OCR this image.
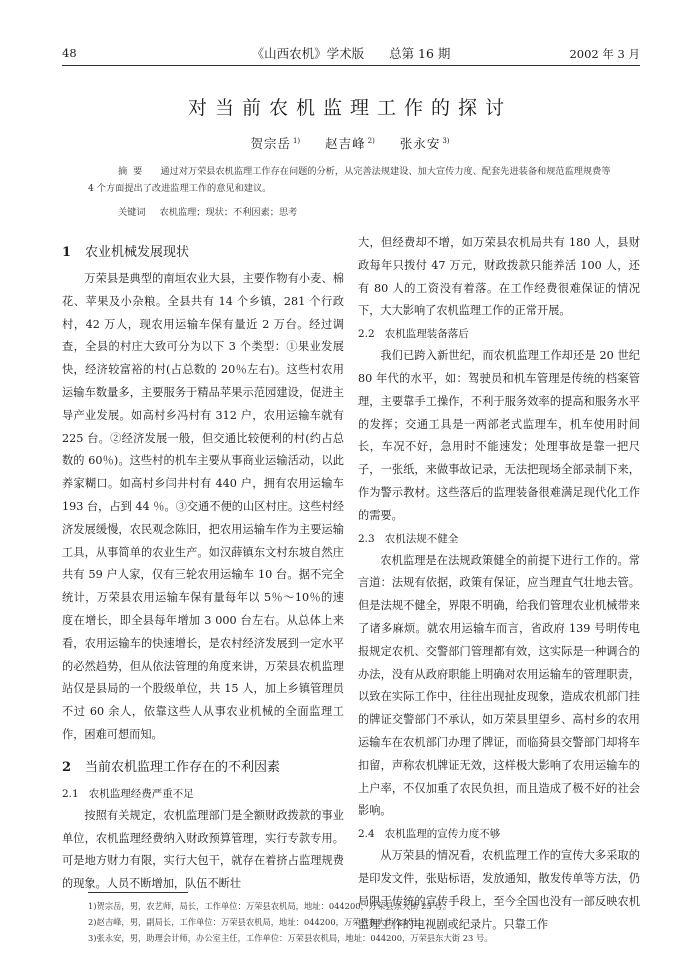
48	《山西农机》学术版　　总第 16 期	2002 年 3 月
对当前农机监理工作的探讨
贺宗岳 $^{1)}$ 赵吉峰 $^{2)}$ 张永安 $^{3)}$
摘要 通过对万荣县农机监理工作存在问题的分析，从完善法规建设、加大宣传力度、配套先进装备和规范监理规费等 4 个方面提出了改进监理工作的意见和建议。
关键词 农机监理；现状；不利因素；思考
1 农业机械发展现状

万荣县是典型的南垣农业大县，主要作物有小麦、棉花、苹果及小杂粮。全县共有 14 个乡镇，281 个行政村，42 万人，现农用运输车保有量近 2 万台。经过调查，全县的村庄大致可分为以下 3 个类型：①果业发展快，经济较富裕的村(占总数的 20％左右)。这些村农用运输车数量多，主要服务于精品苹果示范园建设，促进主导产业发展。如高村乡冯村有 312 户，农用运输车就有 225 台。②经济发展一般，但交通比较便利的村(约占总数的 60％)。这些村的机车主要从事商业运输活动，以此养家糊口。如高村乡闫井村有 440 户，拥有农用运输车 193 台，占到 44 ％。③交通不便的山区村庄。这些村经济发展缓慢，农民观念陈旧，把农用运输车作为主要运输工具，从事简单的农业生产。如汉薛镇东文村东坡自然庄共有 59 户人家，仅有三轮农用运输车 10 台。据不完全统计，万荣县农用运输车保有量每年以 5％～10％的速度在增长，即全县每年增加 3 000 台左右。从总体上来看，农用运输车的快速增长，是农村经济发展到一定水平的必然趋势，但从依法管理的角度来讲，万荣县农机监理站仅是县局的一个股级单位，共 15 人，加上乡镇管理员不过 60 余人，依靠这些人从事农业机械的全面监理工作，困难可想而知。

2 当前农机监理工作存在的不利因素
2.1 农机监理经费严重不足

按照有关规定，农机监理部门是全额财政拨款的事业单位，农机监理经费纳入财政预算管理，实行专款专用。可是地方财力有限，实行大包干，就存在着挤占监理规费的现象。人员不断增加，队伍不断壮

大，但经费却不增，如万荣县农机局共有 180 人，县财政每年只拨付 47 万元，财政拨款只能养活 100 人，还有 80 人的工资没有着落。在工作经费很难保证的情况下，大大影响了农机监理工作的正常开展。

2.2 农机监理装备落后

我们已跨入新世纪，而农机监理工作却还是 20 世纪 80 年代的水平，如：驾驶员和机车管理是传统的档案管理，主要靠手工操作，不利于服务效率的提高和服务水平的发挥；交通工具是一两部老式监理车，机车使用时间长，车况不好，急用时不能速发；处理事故是靠一把尺子，一张纸，来做事故记录，无法把现场全部录制下来，作为警示教材。这些落后的监理装备很难满足现代化工作的需要。

2.3 农机法规不健全

农机监理是在法规政策健全的前提下进行工作的。常言道：法规有依据，政策有保证，应当理直气壮地去管。但是法规不健全，界限不明确，给我们管理农业机械带来了诸多麻烦。就农用运输车而言，省政府 139 号明传电报规定农机、交警部门管理都有效，这实际是一种调合的办法，没有从政府职能上明确对农用运输车的管理职责，以致在实际工作中，往往出现扯皮现象，造成农机部门挂的牌证交警部门不承认，如万荣县里望乡、高村乡的农用运输车在农机部门办理了牌证，而临猗县交警部门却将车扣留，声称农机牌证无效，这样极大影响了农用运输车的上户率，不仅加重了农民负担，而且造成了极不好的社会影响。

2.4 农机监理的宣传力度不够

从万荣县的情况看，农机监理工作的宣传大多采取的是印发文件，张贴标语，发放通知，散发传单等方法，仍局限于传统的宣传手段上，至今全国也没有一部反映农机监理工作的电视剧或纪录片。只靠工作

1)贺宗岳，男，农艺师，局长，工作单位：万荣县农机局，地址：044200，万荣县东大街 23 号。
2)赵吉峰，男，副局长，工作单位：万荣县农机局，地址：044200，万荣县东大街 23 号。
3)张永安，男，助理会计师，办公室主任，工作单位：万荣县农机局，地址：044200，万荣县东大街 23 号。
